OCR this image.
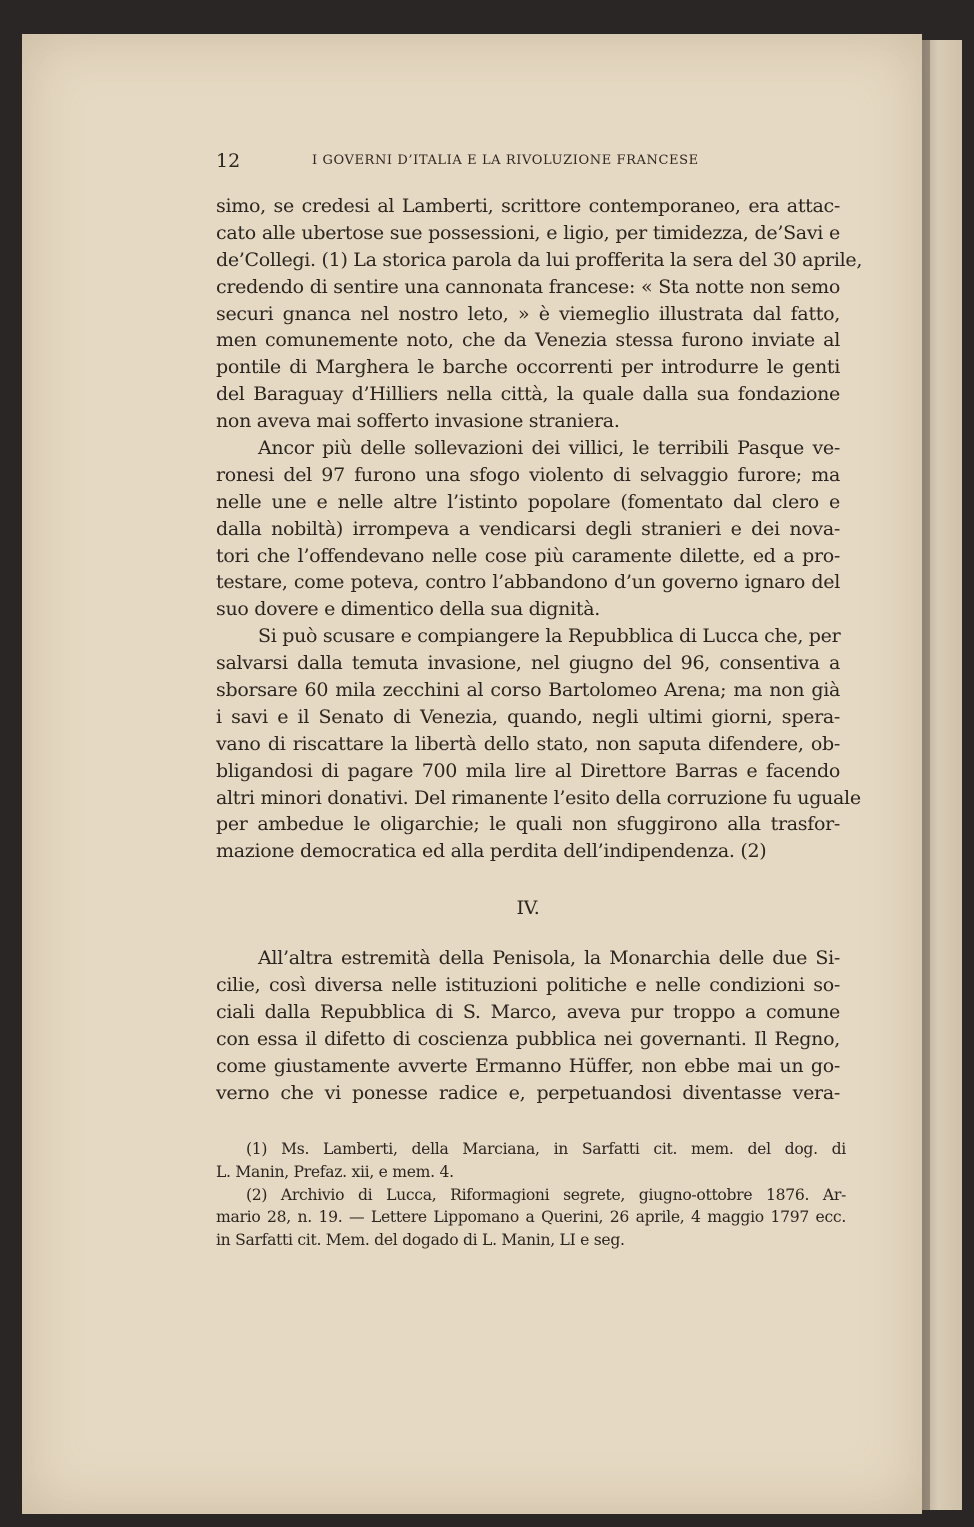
12	I GOVERNI D’ITALIA E LA RIVOLUZIONE FRANCESE
simo, se credesi al Lamberti, scrittore contemporaneo, era attac-
cato alle ubertose sue possessioni, e ligio, per timidezza, de’Savi e
de’Collegi. (1) La storica parola da lui profferita la sera del 30 aprile,
credendo di sentire una cannonata francese: « Sta notte non semo
securi gnanca nel nostro leto, » è viemeglio illustrata dal fatto,
men comunemente noto, che da Venezia stessa furono inviate al
pontile di Marghera le barche occorrenti per introdurre le genti
del Baraguay d’Hilliers nella città, la quale dalla sua fondazione
non aveva mai sofferto invasione straniera.
Ancor più delle sollevazioni dei villici, le terribili Pasque ve-
ronesi del 97 furono una sfogo violento di selvaggio furore; ma
nelle une e nelle altre l’istinto popolare (fomentato dal clero e
dalla nobiltà) irrompeva a vendicarsi degli stranieri e dei nova-
tori che l’offendevano nelle cose più caramente dilette, ed a pro-
testare, come poteva, contro l’abbandono d’un governo ignaro del
suo dovere e dimentico della sua dignità.
Si può scusare e compiangere la Repubblica di Lucca che, per
salvarsi dalla temuta invasione, nel giugno del 96, consentiva a
sborsare 60 mila zecchini al corso Bartolomeo Arena; ma non già
i savi e il Senato di Venezia, quando, negli ultimi giorni, spera-
vano di riscattare la libertà dello stato, non saputa difendere, ob-
bligandosi di pagare 700 mila lire al Direttore Barras e facendo
altri minori donativi. Del rimanente l’esito della corruzione fu uguale
per ambedue le oligarchie; le quali non sfuggirono alla trasfor-
mazione democratica ed alla perdita dell’indipendenza. (2)
IV.
All’altra estremità della Penisola, la Monarchia delle due Si-
cilie, così diversa nelle istituzioni politiche e nelle condizioni so-
ciali dalla Repubblica di S. Marco, aveva pur troppo a comune
con essa il difetto di coscienza pubblica nei governanti. Il Regno,
come giustamente avverte Ermanno Hüffer, non ebbe mai un go-
verno che vi ponesse radice e, perpetuandosi diventasse vera-
(1) Ms. Lamberti, della Marciana, in Sarfatti cit. mem. del dog. di
L. Manin, Prefaz. xii, e mem. 4.
(2) Archivio di Lucca, Riformagioni segrete, giugno-ottobre 1876. Ar-
mario 28, n. 19. — Lettere Lippomano a Querini, 26 aprile, 4 maggio 1797 ecc.
in Sarfatti cit. Mem. del dogado di L. Manin, LI e seg.
